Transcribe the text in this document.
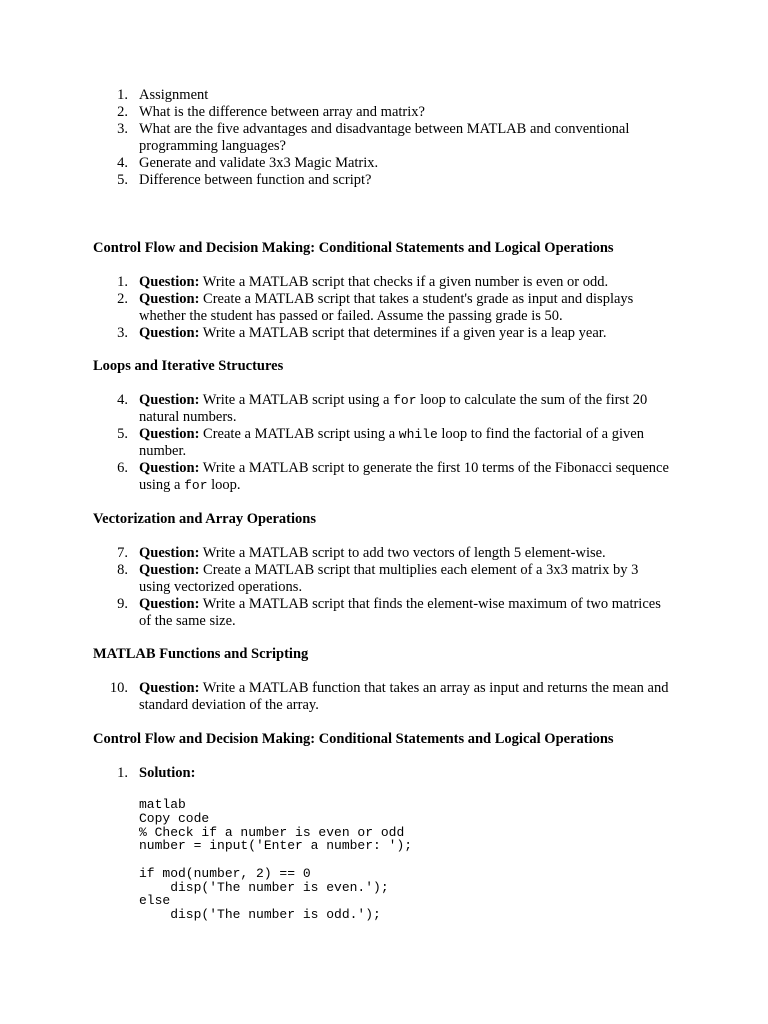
1. Assignment
2. What is the difference between array and matrix?
3. What are the five advantages and disadvantage between MATLAB and conventional programming languages?
4. Generate and validate 3x3 Magic Matrix.
5. Difference between function and script?
Control Flow and Decision Making: Conditional Statements and Logical Operations
1. Question: Write a MATLAB script that checks if a given number is even or odd.
2. Question: Create a MATLAB script that takes a student's grade as input and displays whether the student has passed or failed. Assume the passing grade is 50.
3. Question: Write a MATLAB script that determines if a given year is a leap year.
Loops and Iterative Structures
4. Question: Write a MATLAB script using a for loop to calculate the sum of the first 20 natural numbers.
5. Question: Create a MATLAB script using a while loop to find the factorial of a given number.
6. Question: Write a MATLAB script to generate the first 10 terms of the Fibonacci sequence using a for loop.
Vectorization and Array Operations
7. Question: Write a MATLAB script to add two vectors of length 5 element-wise.
8. Question: Create a MATLAB script that multiplies each element of a 3x3 matrix by 3 using vectorized operations.
9. Question: Write a MATLAB script that finds the element-wise maximum of two matrices of the same size.
MATLAB Functions and Scripting
10. Question: Write a MATLAB function that takes an array as input and returns the mean and standard deviation of the array.
Control Flow and Decision Making: Conditional Statements and Logical Operations
1. Solution:
matlab
Copy code
% Check if a number is even or odd
number = input('Enter a number: ');

if mod(number, 2) == 0
disp('The number is even.');
else
disp('The number is odd.');
